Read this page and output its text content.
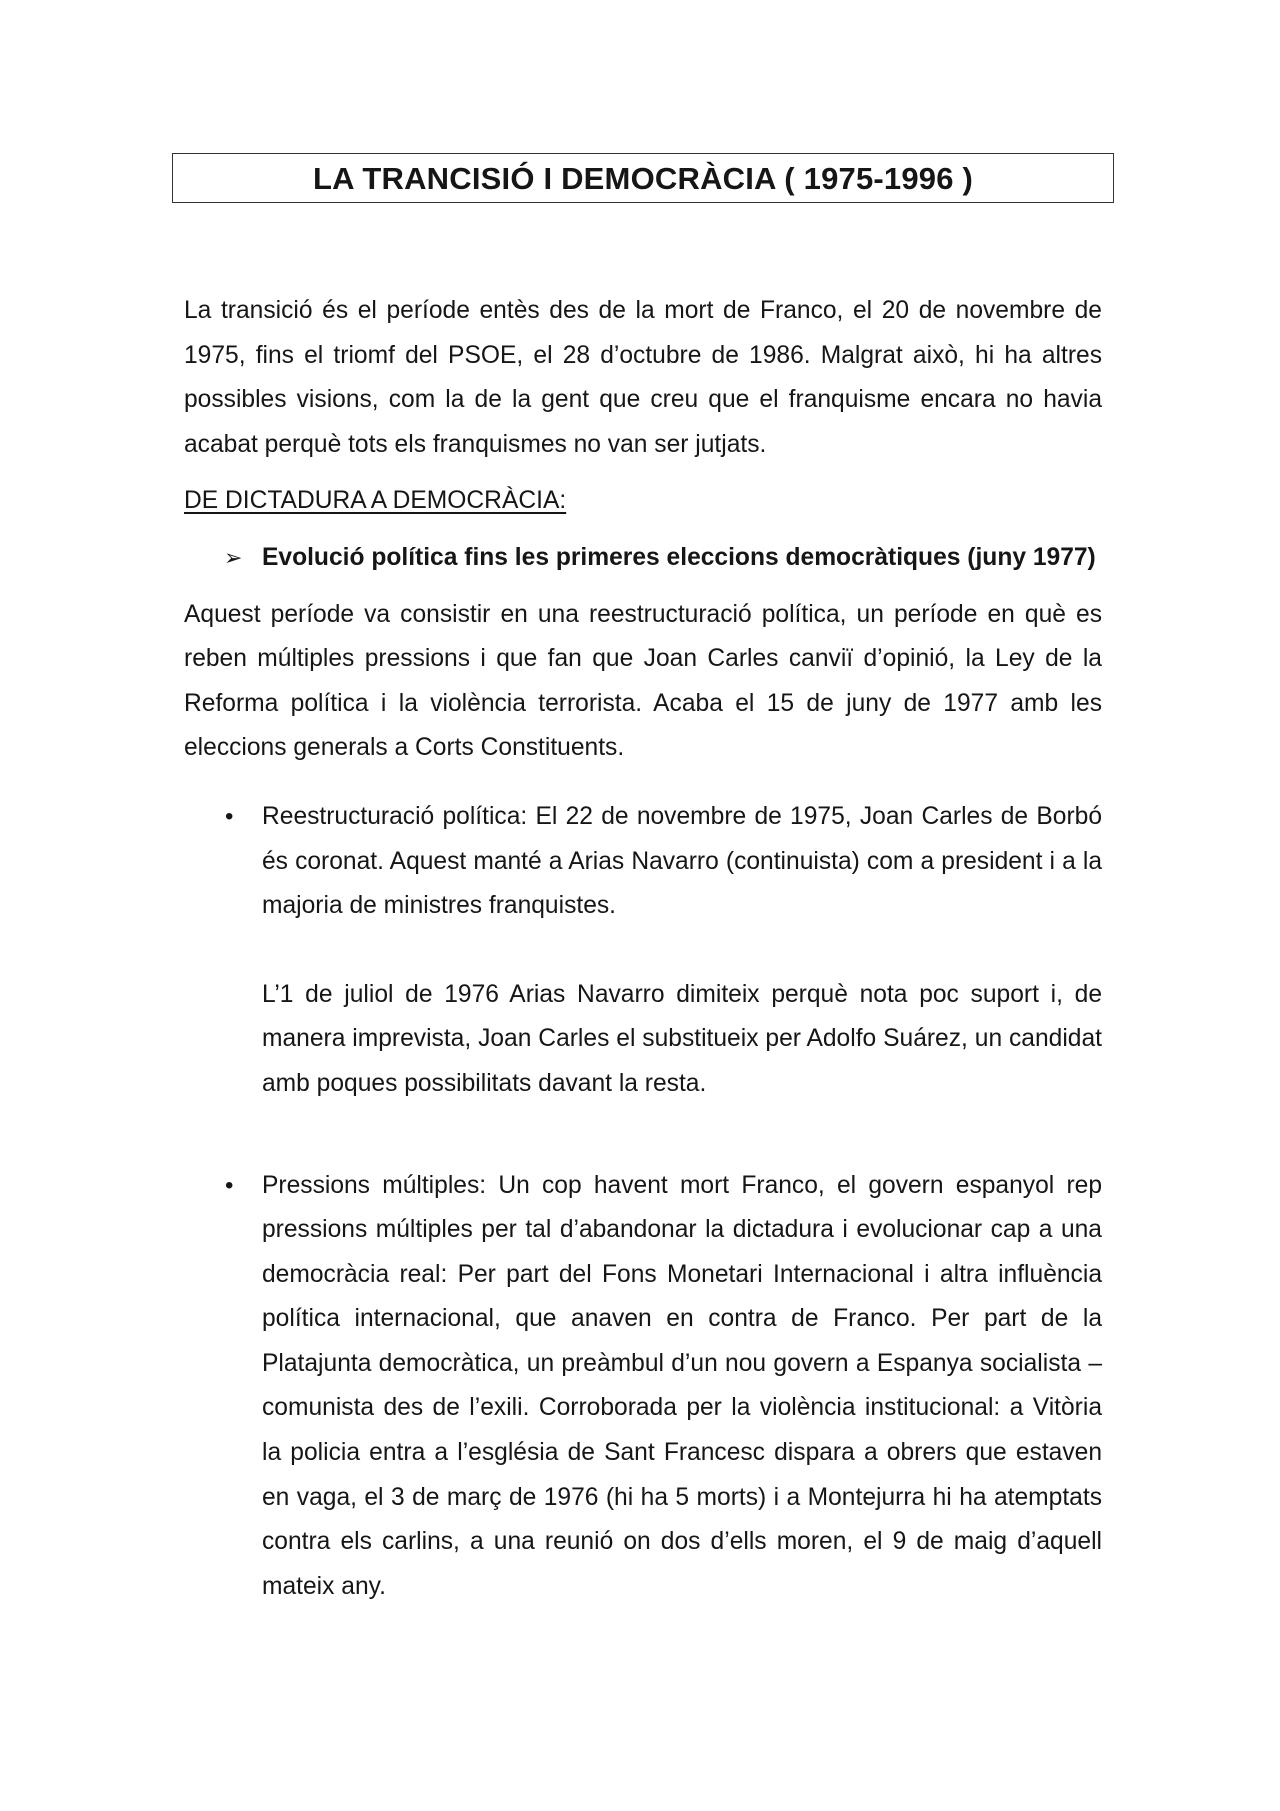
LA TRANCISIÓ I DEMOCRÀCIA ( 1975-1996 )

La transició és el període entès des de la mort de Franco, el 20 de novembre de 1975, fins el triomf del PSOE, el 28 d’octubre de 1986. Malgrat això, hi ha altres possibles visions, com la de la gent que creu que el franquisme encara no havia acabat perquè tots els franquismes no van ser jutjats.

DE DICTADURA A DEMOCRÀCIA:

➢ Evolució política fins les primeres eleccions democràtiques (juny 1977)

Aquest període va consistir en una reestructuració política, un període en què es reben múltiples pressions i que fan que Joan Carles canviï d’opinió, la Ley de la Reforma política i la violència terrorista. Acaba el 15 de juny de 1977 amb les eleccions generals a Corts Constituents.

• Reestructuració política: El 22 de novembre de 1975, Joan Carles de Borbó és coronat. Aquest manté a Arias Navarro (continuista) com a president i a la majoria de ministres franquistes.

L’1 de juliol de 1976 Arias Navarro dimiteix perquè nota poc suport i, de manera imprevista, Joan Carles el substitueix per Adolfo Suárez, un candidat amb poques possibilitats davant la resta.

• Pressions múltiples: Un cop havent mort Franco, el govern espanyol rep pressions múltiples per tal d’abandonar la dictadura i evolucionar cap a una democràcia real: Per part del Fons Monetari Internacional i altra influència política internacional, que anaven en contra de Franco. Per part de la Platajunta democràtica, un preàmbul d’un nou govern a Espanya socialista – comunista des de l’exili. Corroborada per la violència institucional: a Vitòria la policia entra a l’església de Sant Francesc dispara a obrers que estaven en vaga, el 3 de març de 1976 (hi ha 5 morts) i a Montejurra hi ha atemptats contra els carlins, a una reunió on dos d’ells moren, el 9 de maig d’aquell mateix any.
